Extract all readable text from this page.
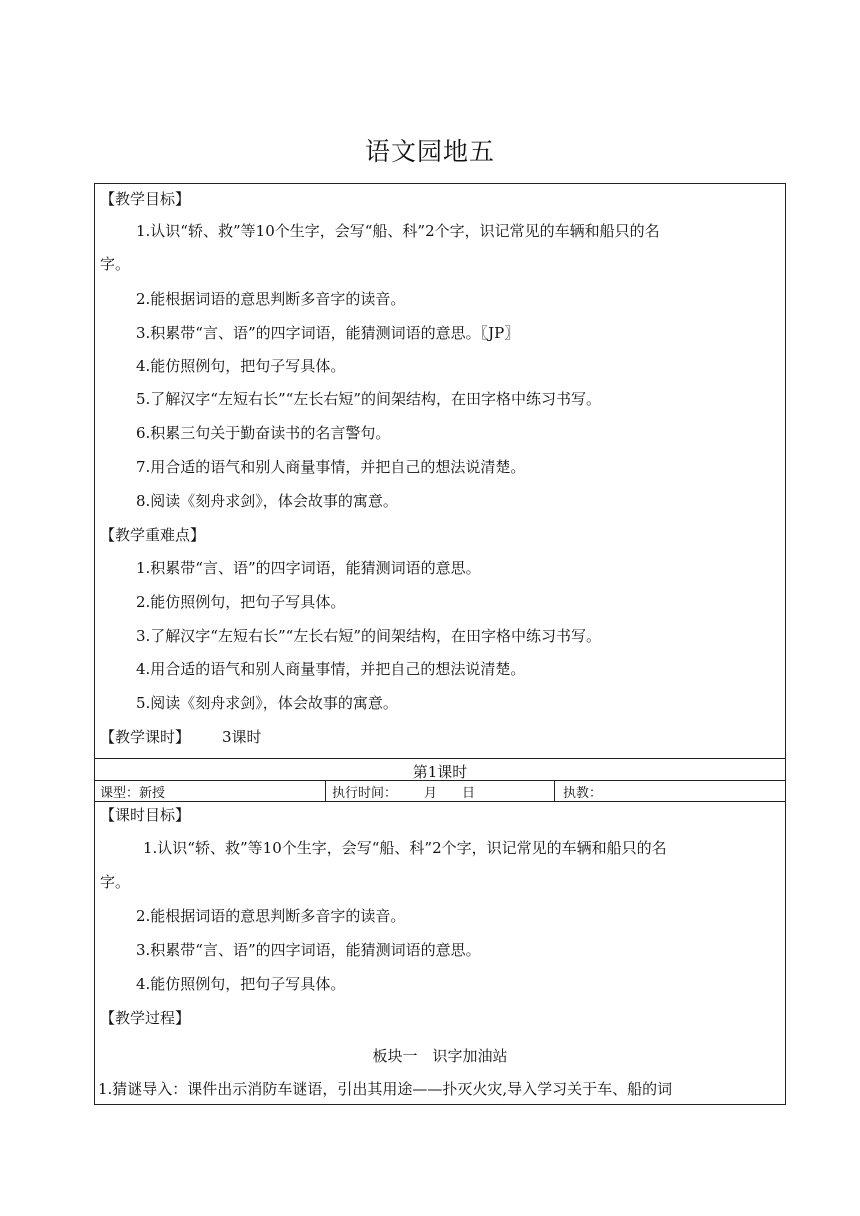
语文园地五
【教学目标】
1.认识“轿、救”等10个生字，会写“船、科”2个字，识记常见的车辆和船只的名
字。
2.能根据词语的意思判断多音字的读音。
3.积累带“言、语”的四字词语，能猜测词语的意思。〖JP〗
4.能仿照例句，把句子写具体。
5.了解汉字“左短右长”“左长右短”的间架结构，在田字格中练习书写。
6.积累三句关于勤奋读书的名言警句。
7.用合适的语气和别人商量事情，并把自己的想法说清楚。
8.阅读《刻舟求剑》，体会故事的寓意。
【教学重难点】
1.积累带“言、语”的四字词语，能猜测词语的意思。
2.能仿照例句，把句子写具体。
3.了解汉字“左短右长”“左长右短”的间架结构，在田字格中练习书写。
4.用合适的语气和别人商量事情，并把自己的想法说清楚。
5.阅读《刻舟求剑》，体会故事的寓意。
【教学课时】 3课时
第1课时
课型：新授	执行时间： 月 日	执教：
【课时目标】
1.认识“轿、救”等10个生字，会写“船、科”2个字，识记常见的车辆和船只的名
字。
2.能根据词语的意思判断多音字的读音。
3.积累带“言、语”的四字词语，能猜测词语的意思。
4.能仿照例句，把句子写具体。
【教学过程】
板块一　识字加油站
1.猜谜导入：课件出示消防车谜语，引出其用途——扑灭火灾,导入学习关于车、船的词
